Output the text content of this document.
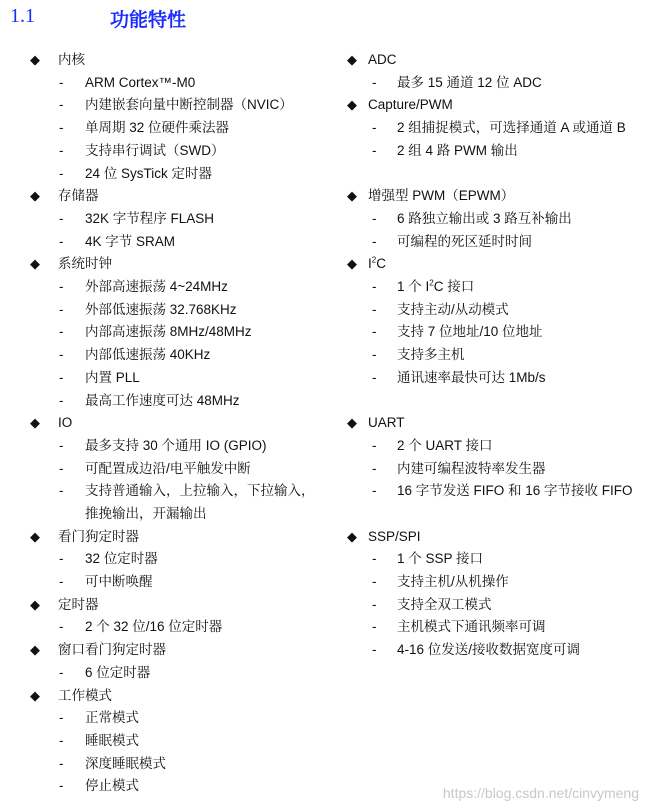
1.1	功能特性
◆ 内核
- ARM Cortex™-M0
- 内建嵌套向量中断控制器（NVIC）
- 单周期 32 位硬件乘法器
- 支持串行调试（SWD）
- 24 位 SysTick 定时器
◆ 存储器
- 32K 字节程序 FLASH
- 4K 字节 SRAM
◆ 系统时钟
- 外部高速振荡 4~24MHz
- 外部低速振荡 32.768KHz
- 内部高速振荡 8MHz/48MHz
- 内部低速振荡 40KHz
- 内置 PLL
- 最高工作速度可达 48MHz
◆ IO
- 最多支持 30 个通用 IO (GPIO)
- 可配置成边沿/电平触发中断
- 支持普通输入，上拉输入，下拉输入，推挽输出，开漏输出
◆ 看门狗定时器
- 32 位定时器
- 可中断唤醒
◆ 定时器
- 2 个 32 位/16 位定时器
◆ 窗口看门狗定时器
- 6 位定时器
◆ 工作模式
- 正常模式
- 睡眠模式
- 深度睡眠模式
- 停止模式
◆ ADC
- 最多 15 通道 12 位 ADC
◆ Capture/PWM
- 2 组捕捉模式，可选择通道 A 或通道 B
- 2 组 4 路 PWM 输出
◆ 增强型 PWM（EPWM）
- 6 路独立输出或 3 路互补输出
- 可编程的死区延时时间
◆ $I^2C$
- 1 个 $I^2C$ 接口
- 支持主动/从动模式
- 支持 7 位地址/10 位地址
- 支持多主机
- 通讯速率最快可达 1Mb/s
◆ UART
- 2 个 UART 接口
- 内建可编程波特率发生器
- 16 字节发送 FIFO 和 16 字节接收 FIFO
◆ SSP/SPI
- 1 个 SSP 接口
- 支持主机/从机操作
- 支持全双工模式
- 主机模式下通讯频率可调
- 4-16 位发送/接收数据宽度可调
https://blog.csdn.net/cinvymeng
